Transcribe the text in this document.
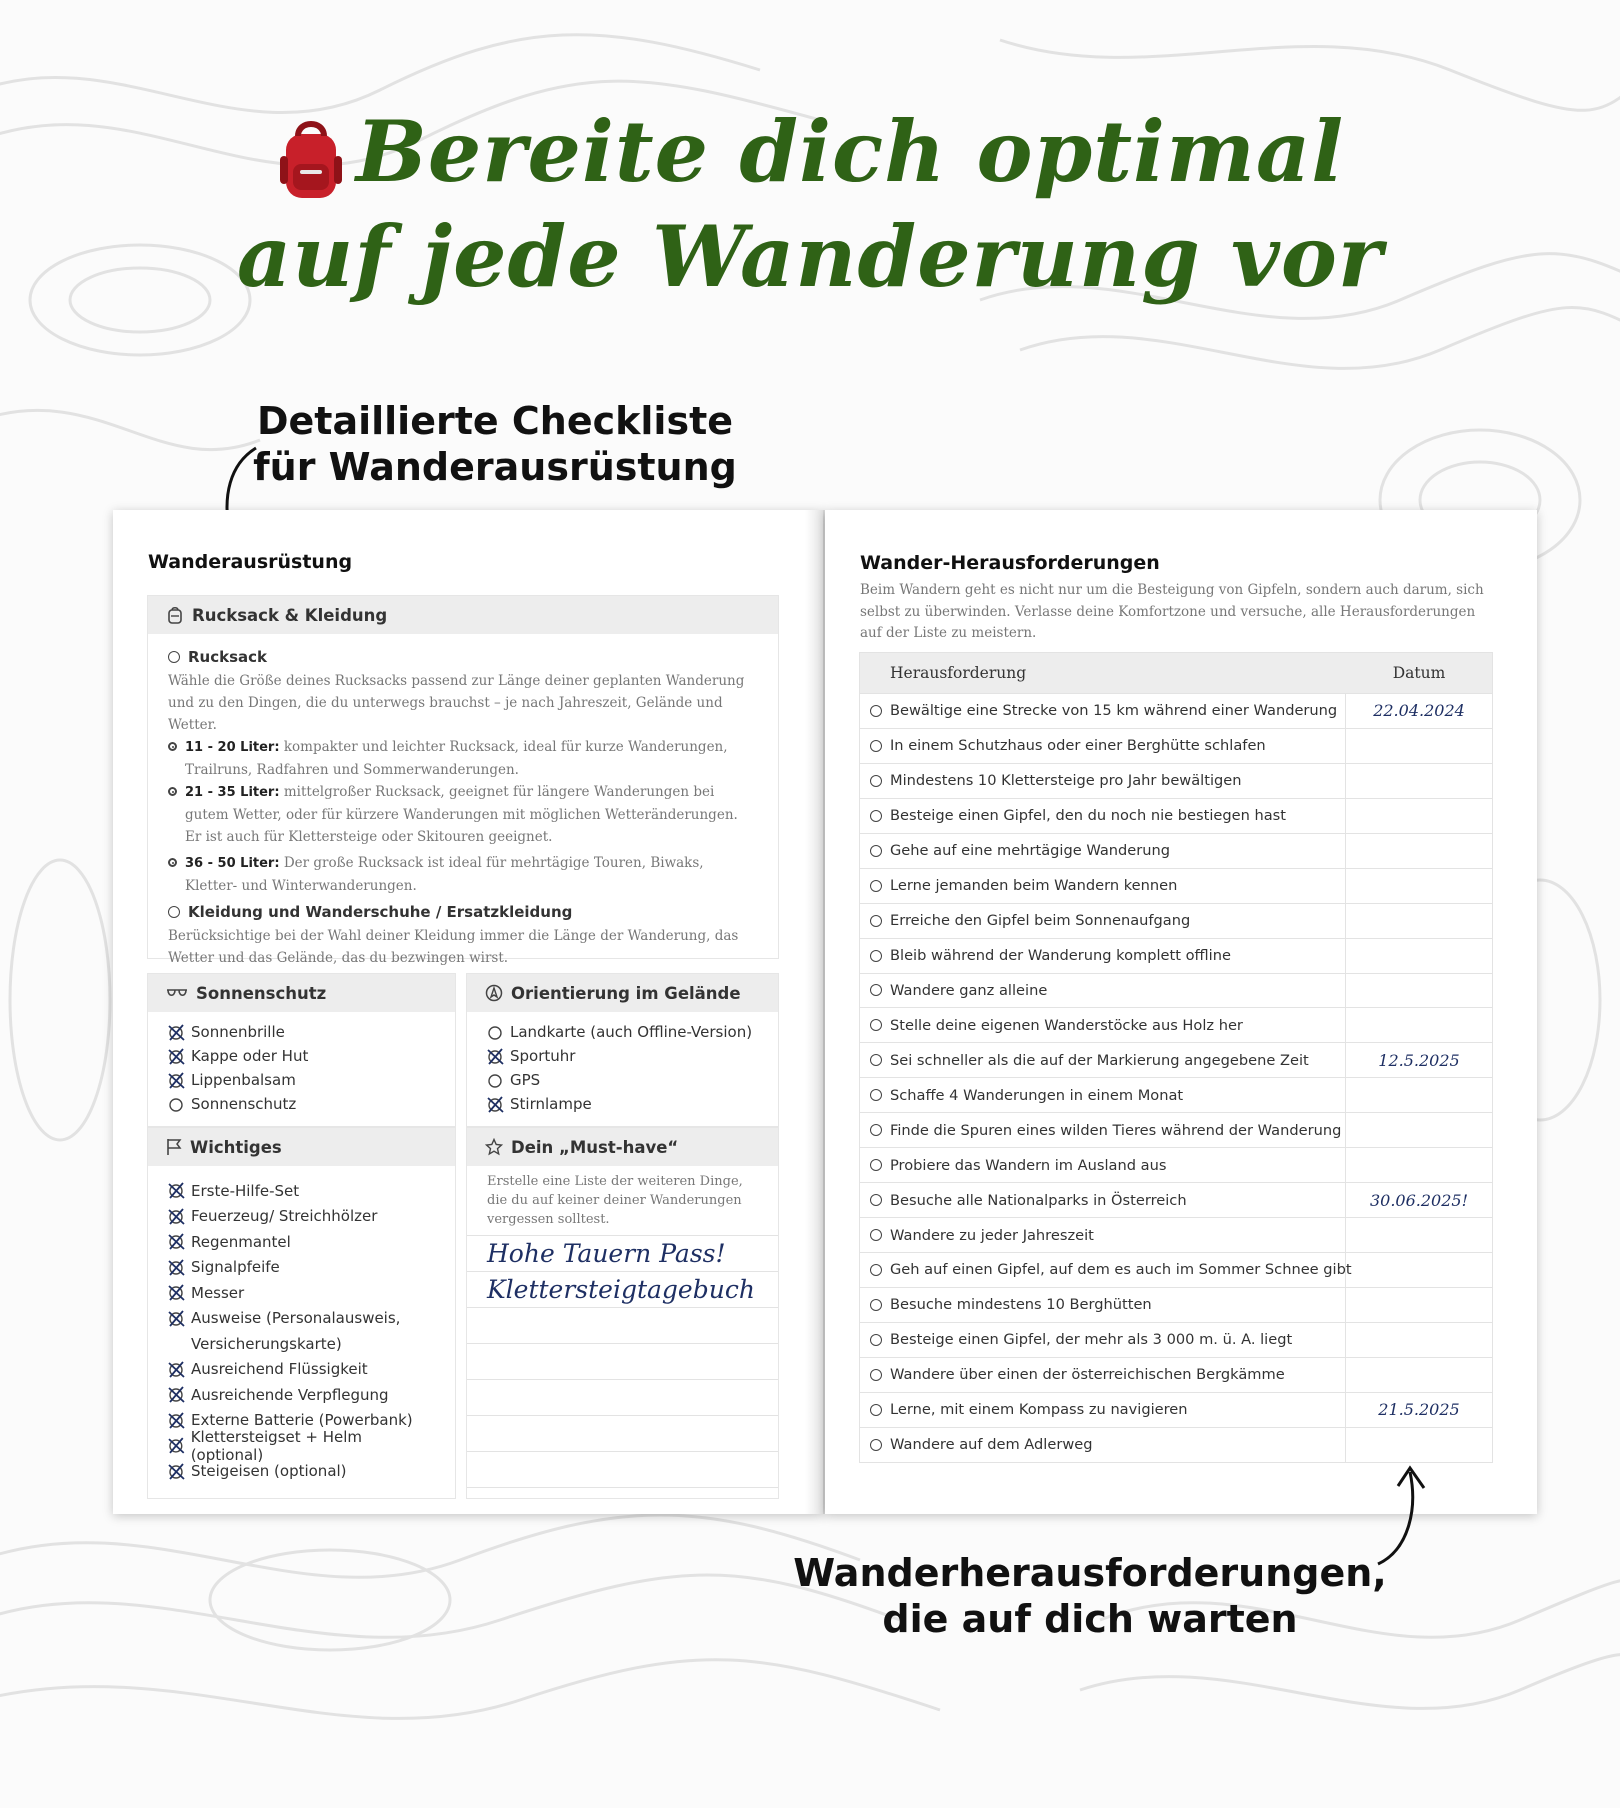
Bereite dich optimal
auf jede Wanderung vor
Detaillierte Checkliste
für Wanderausrüstung
Wanderausrüstung
Rucksack & Kleidung
Rucksack
Wähle die Größe deines Rucksacks passend zur Länge deiner geplanten Wanderung und zu den Dingen, die du unterwegs brauchst – je nach Jahreszeit, Gelände und Wetter.
11 - 20 Liter: kompakter und leichter Rucksack, ideal für kurze Wanderungen, Trailruns, Radfahren und Sommerwanderungen.
21 - 35 Liter: mittelgroßer Rucksack, geeignet für längere Wanderungen bei gutem Wetter, oder für kürzere Wanderungen mit möglichen Wetteränderungen. Er ist auch für Klettersteige oder Skitouren geeignet.
36 - 50 Liter: Der große Rucksack ist ideal für mehrtägige Touren, Biwaks, Kletter- und Winterwanderungen.
Kleidung und Wanderschuhe / Ersatzkleidung
Berücksichtige bei der Wahl deiner Kleidung immer die Länge der Wanderung, das Wetter und das Gelände, das du bezwingen wirst.
Sonnenschutz
Sonnenbrille
Kappe oder Hut
Lippenbalsam
Sonnenschutz
Orientierung im Gelände
Landkarte (auch Offline-Version)
Sportuhr
GPS
Stirnlampe
Wichtiges
Erste-Hilfe-Set
Feuerzeug/ Streichhölzer
Regenmantel
Signalpfeife
Messer
Ausweise (Personalausweis,
Versicherungskarte)
Ausreichend Flüssigkeit
Ausreichende Verpflegung
Externe Batterie (Powerbank)
Klettersteigset + Helm (optional)
Steigeisen (optional)
Dein „Must-have“
Erstelle eine Liste der weiteren Dinge, die du auf keiner deiner Wanderungen vergessen solltest.
Hohe Tauern Pass!
Klettersteigtagebuch
Wander-Herausforderungen
Beim Wandern geht es nicht nur um die Besteigung von Gipfeln, sondern auch darum, sich selbst zu überwinden. Verlasse deine Komfortzone und versuche, alle Herausforderungen auf der Liste zu meistern.
Herausforderung	Datum
Bewältige eine Strecke von 15 km während einer Wanderung 22.04.2024
In einem Schutzhaus oder einer Berghütte schlafen
Mindestens 10 Klettersteige pro Jahr bewältigen
Besteige einen Gipfel, den du noch nie bestiegen hast
Gehe auf eine mehrtägige Wanderung
Lerne jemanden beim Wandern kennen
Erreiche den Gipfel beim Sonnenaufgang
Bleib während der Wanderung komplett offline
Wandere ganz alleine
Stelle deine eigenen Wanderstöcke aus Holz her
Sei schneller als die auf der Markierung angegebene Zeit	12.5.2025
Schaffe 4 Wanderungen in einem Monat
Finde die Spuren eines wilden Tieres während der Wanderung
Probiere das Wandern im Ausland aus
Besuche alle Nationalparks in Österreich	30.06.2025!
Wandere zu jeder Jahreszeit
Geh auf einen Gipfel, auf dem es auch im Sommer Schnee gibt
Besuche mindestens 10 Berghütten
Besteige einen Gipfel, der mehr als 3 000 m. ü. A. liegt
Wandere über einen der österreichischen Bergkämme
Lerne, mit einem Kompass zu navigieren	21.5.2025
Wandere auf dem Adlerweg
Wanderherausforderungen,
die auf dich warten
